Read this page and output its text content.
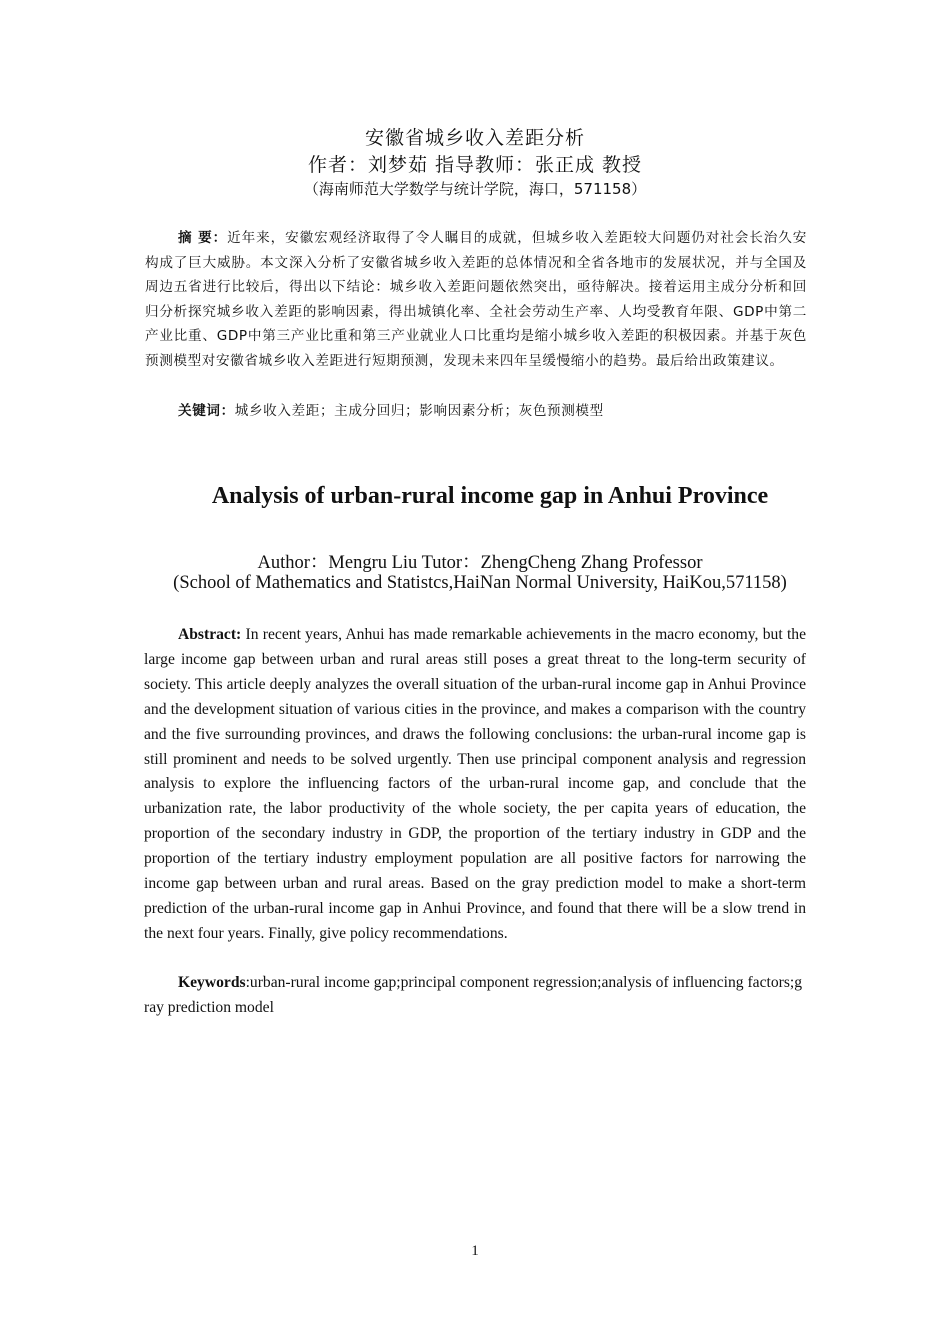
安徽省城乡收入差距分析
作者：刘梦茹 指导教师：张正成 教授
（海南师范大学数学与统计学院，海口，571158）

摘 要：近年来，安徽宏观经济取得了令人瞩目的成就，但城乡收入差距较大问题仍对社会长治久安构成了巨大威胁。本文深入分析了安徽省城乡收入差距的总体情况和全省各地市的发展状况，并与全国及周边五省进行比较后，得出以下结论：城乡收入差距问题依然突出，亟待解决。接着运用主成分分析和回归分析探究城乡收入差距的影响因素，得出城镇化率、全社会劳动生产率、人均受教育年限、GDP中第二产业比重、GDP中第三产业比重和第三产业就业人口比重均是缩小城乡收入差距的积极因素。并基于灰色预测模型对安徽省城乡收入差距进行短期预测，发现未来四年呈缓慢缩小的趋势。最后给出政策建议。

关键词：城乡收入差距；主成分回归；影响因素分析；灰色预测模型
Analysis of urban-rural income gap in Anhui Province
Author：Mengru Liu Tutor：ZhengCheng Zhang Professor
(School of Mathematics and Statistcs,HaiNan Normal University, HaiKou,571158)

Abstract: In recent years, Anhui has made remarkable achievements in the macro economy, but the large income gap between urban and rural areas still poses a great threat to the long-term security of society. This article deeply analyzes the overall situation of the urban-rural income gap in Anhui Province and the development situation of various cities in the province, and makes a comparison with the country and the five surrounding provinces, and draws the following conclusions: the urban-rural income gap is still prominent and needs to be solved urgently. Then use principal component analysis and regression analysis to explore the influencing factors of the urban-rural income gap, and conclude that the urbanization rate, the labor productivity of the whole society, the per capita years of education, the proportion of the secondary industry in GDP, the proportion of the tertiary industry in GDP and the proportion of the tertiary industry employment population are all positive factors for narrowing the income gap between urban and rural areas. Based on the gray prediction model to make a short-term prediction of the urban-rural income gap in Anhui Province, and found that there will be a slow trend in the next four years. Finally, give policy recommendations.

Keywords:urban-rural income gap;principal component regression;analysis of influencing factors;gray prediction model

1
